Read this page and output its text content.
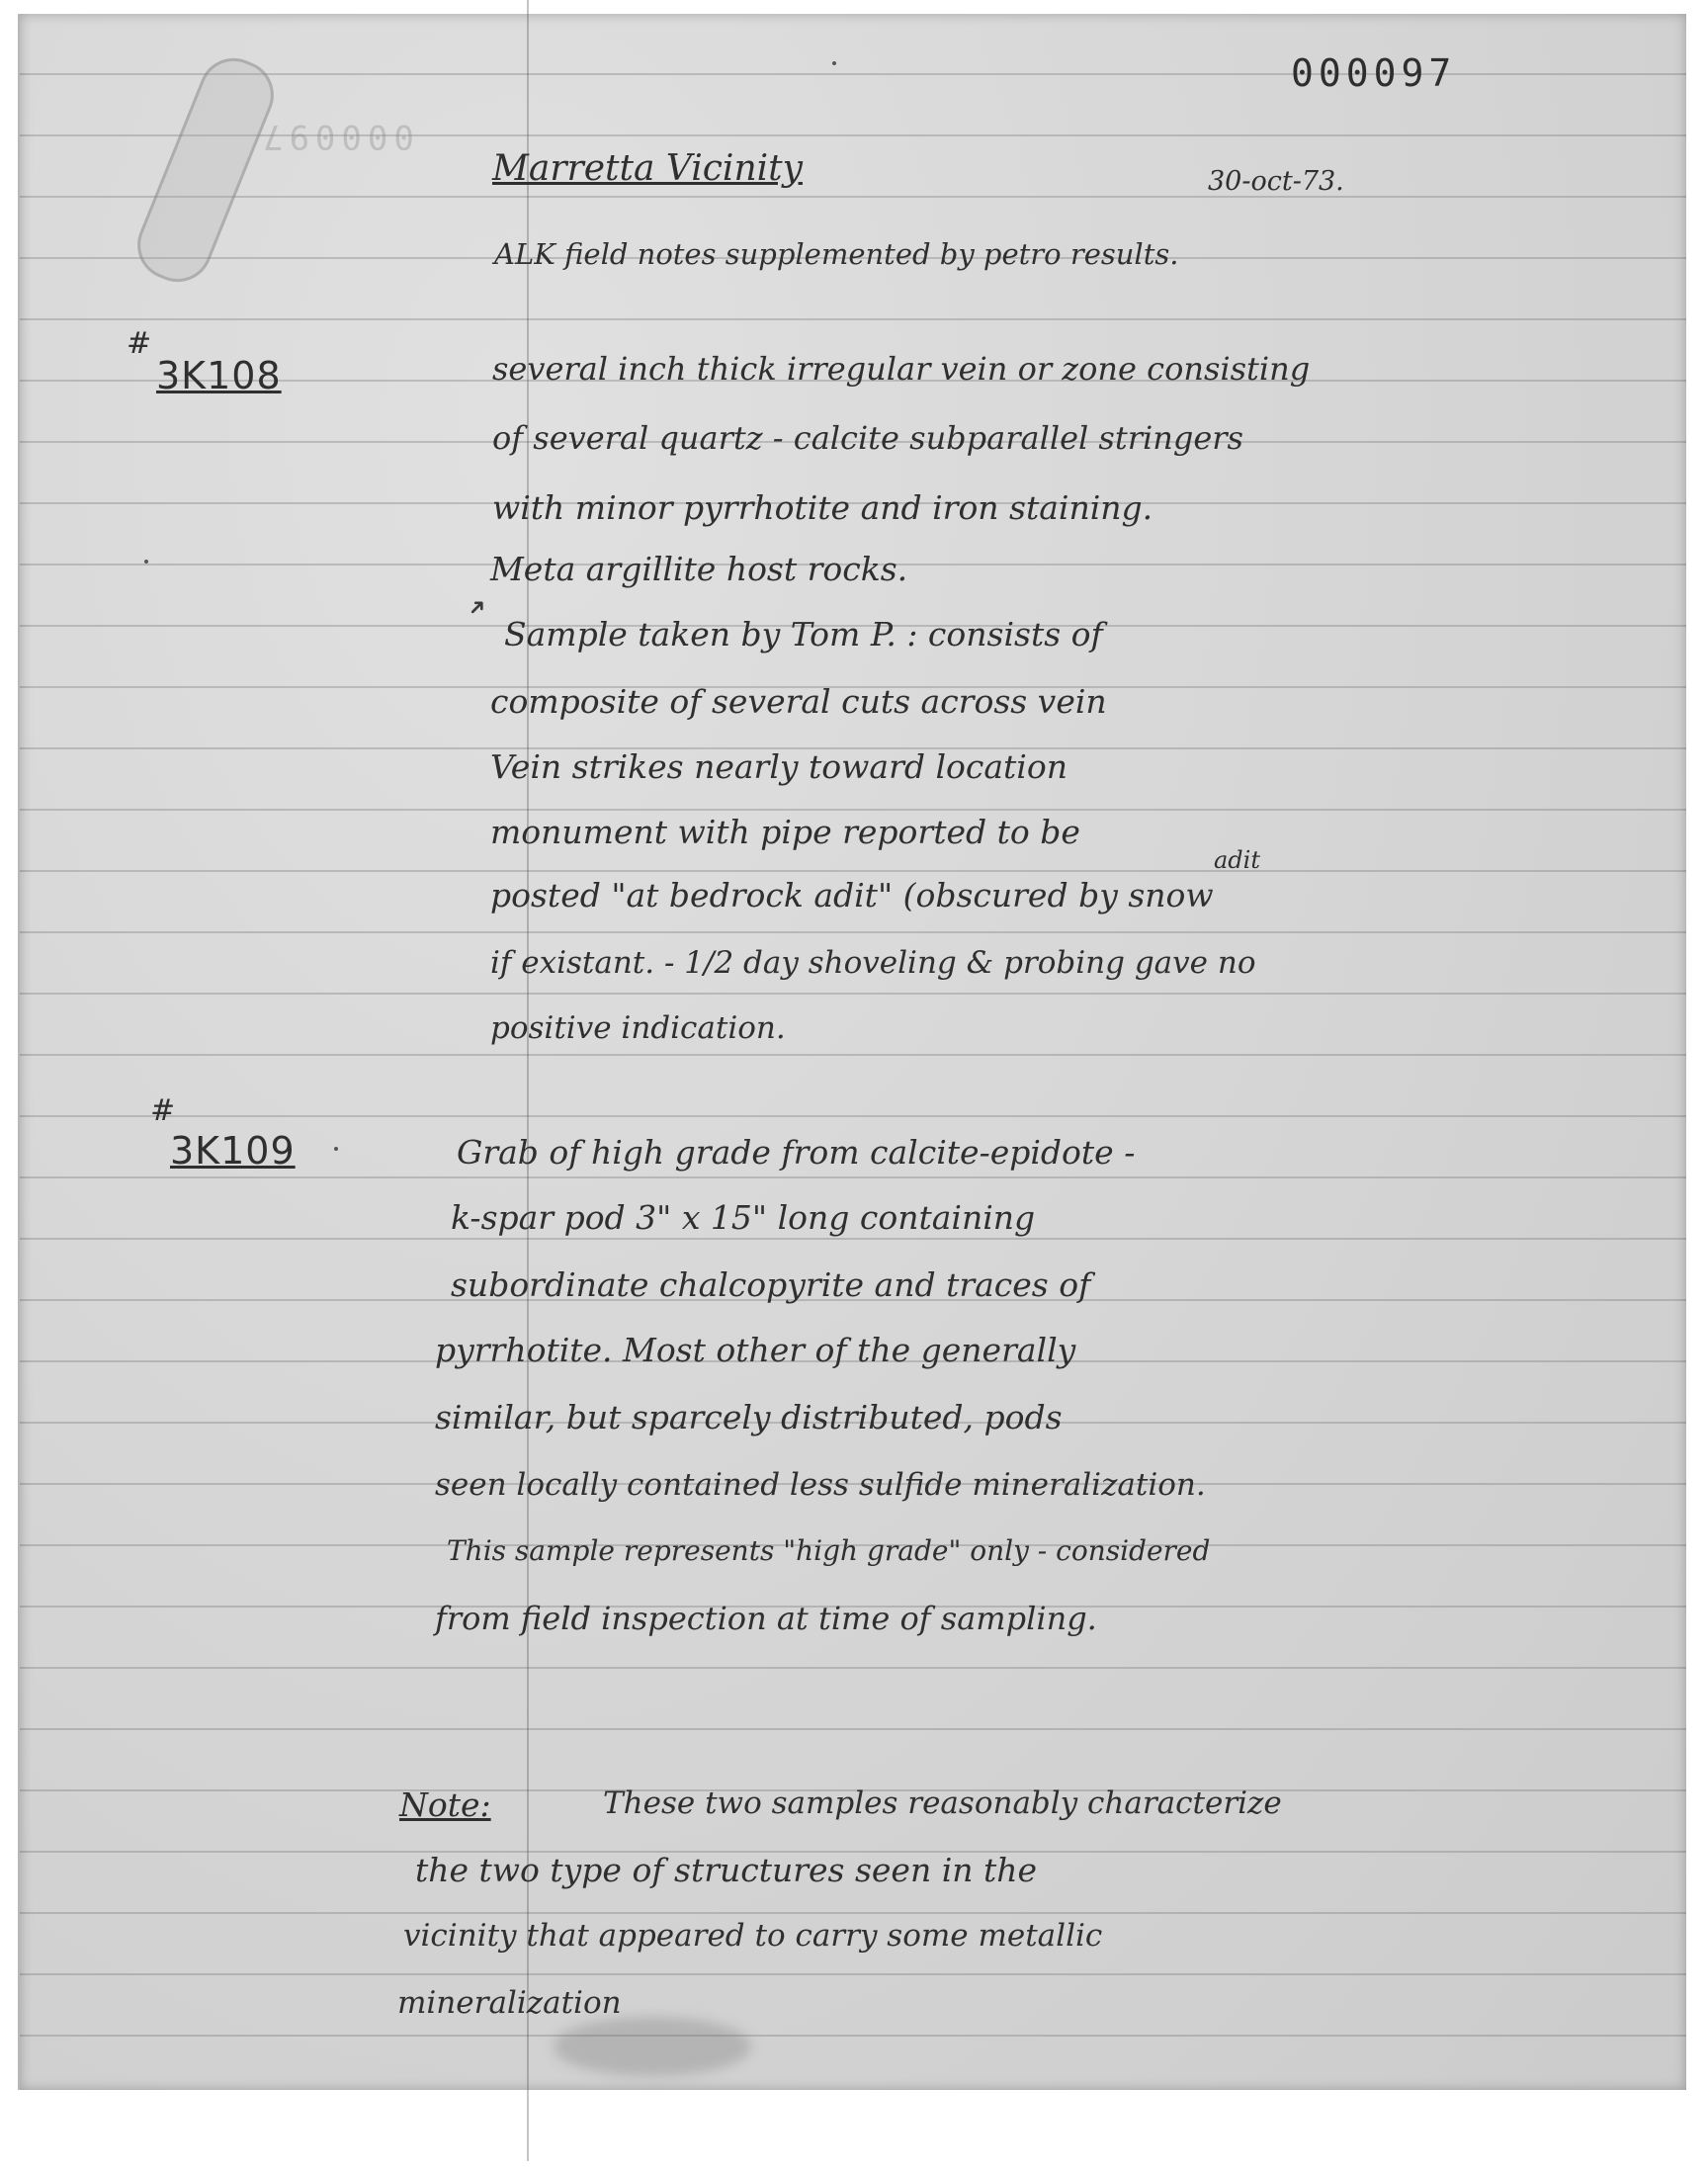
000097
000097
Marretta Vicinity	30-oct-73.
ALK field notes supplemented by petro results.
#
3K108	several inch thick irregular vein or zone consisting
of several quartz - calcite subparallel stringers
with minor pyrrhotite and iron staining.
Meta argillite host rocks.
➜
Sample taken by Tom P. : consists of
composite of several cuts across vein
Vein strikes nearly toward location
monument with pipe reported to be
adit
posted "at bedrock adit" (obscured by snow
if existant. - 1/2 day shoveling & probing gave no
positive indication.
#
3K109	Grab of high grade from calcite-epidote -
k-spar pod 3" x 15" long containing
subordinate chalcopyrite and traces of
pyrrhotite. Most other of the generally
similar, but sparcely distributed, pods
seen locally contained less sulfide mineralization.
This sample represents "high grade" only - considered
from field inspection at time of sampling.
Note:	These two samples reasonably characterize
the two type of structures seen in the
vicinity that appeared to carry some metallic
mineralization
